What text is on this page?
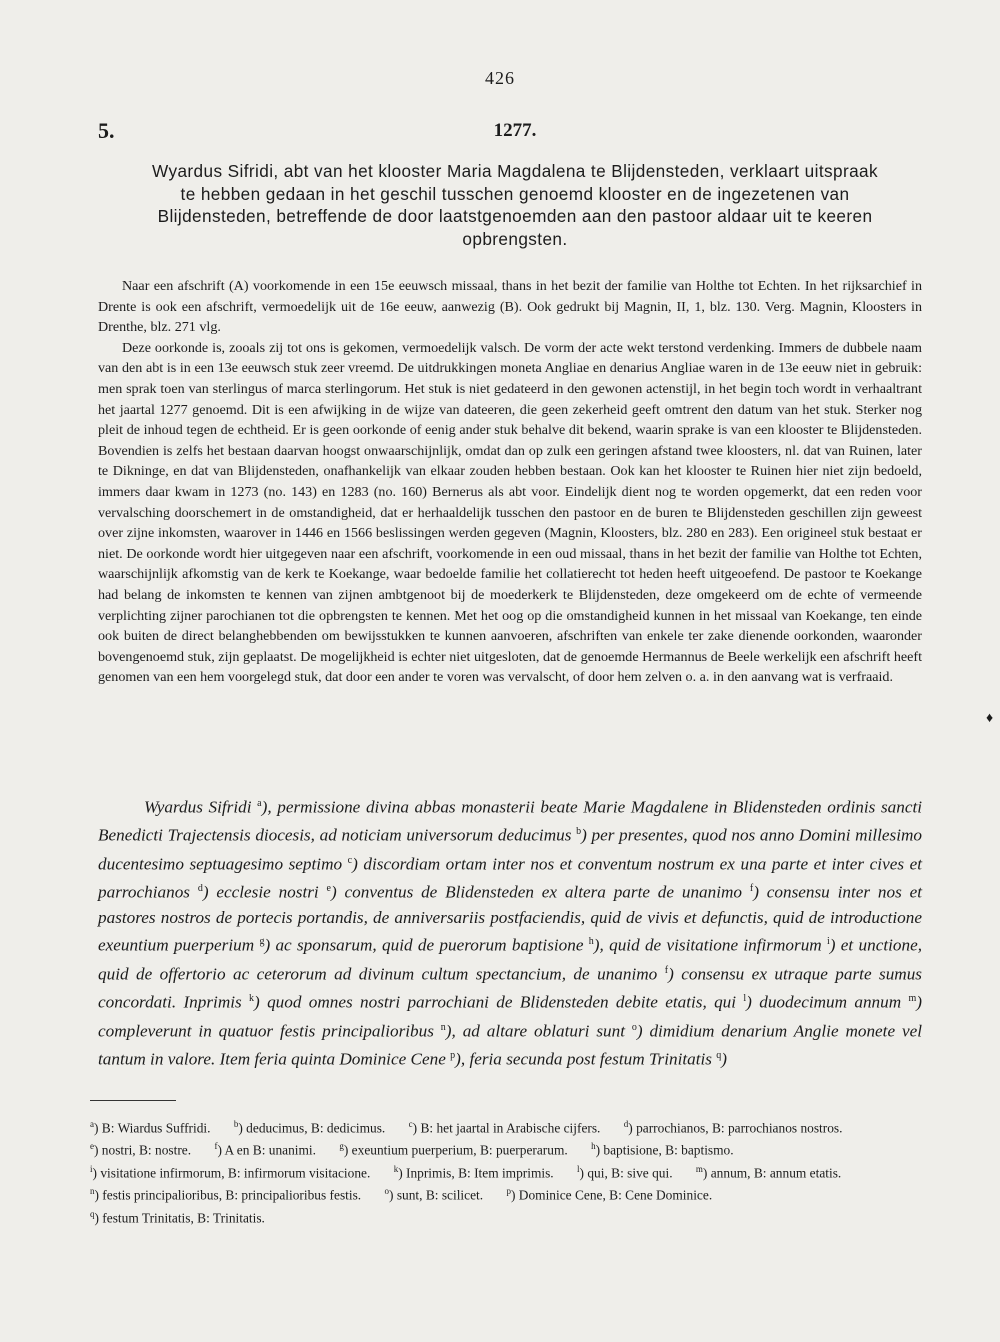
426
5.	1277.
Wyardus Sifridi, abt van het klooster Maria Magdalena te Blijdensteden, verklaart uitspraak te hebben gedaan in het geschil tusschen genoemd klooster en de ingezetenen van Blijdensteden, betreffende de door laatstgenoemden aan den pastoor aldaar uit te keeren opbrengsten.

Naar een afschrift (A) voorkomende in een 15e eeuwsch missaal, thans in het bezit der familie van Holthe tot Echten. In het rijksarchief in Drente is ook een afschrift, vermoedelijk uit de 16e eeuw, aanwezig (B). Ook gedrukt bij Magnin, II, 1, blz. 130. Verg. Magnin, Kloosters in Drenthe, blz. 271 vlg.

Deze oorkonde is, zooals zij tot ons is gekomen, vermoedelijk valsch. De vorm der acte wekt terstond verdenking. Immers de dubbele naam van den abt is in een 13e eeuwsch stuk zeer vreemd. De uitdrukkingen moneta Angliae en denarius Angliae waren in de 13e eeuw niet in gebruik: men sprak toen van sterlingus of marca sterlingorum. Het stuk is niet gedateerd in den gewonen actenstijl, in het begin toch wordt in verhaaltrant het jaartal 1277 genoemd. Dit is een afwijking in de wijze van dateeren, die geen zekerheid geeft omtrent den datum van het stuk. Sterker nog pleit de inhoud tegen de echtheid. Er is geen oorkonde of eenig ander stuk behalve dit bekend, waarin sprake is van een klooster te Blijdensteden. Bovendien is zelfs het bestaan daarvan hoogst onwaarschijnlijk, omdat dan op zulk een geringen afstand twee kloosters, nl. dat van Ruinen, later te Dikninge, en dat van Blijdensteden, onafhankelijk van elkaar zouden hebben bestaan. Ook kan het klooster te Ruinen hier niet zijn bedoeld, immers daar kwam in 1273 (no. 143) en 1283 (no. 160) Bernerus als abt voor. Eindelijk dient nog te worden opgemerkt, dat een reden voor vervalsching doorschemert in de omstandigheid, dat er herhaaldelijk tusschen den pastoor en de buren te Blijdensteden geschillen zijn geweest over zijne inkomsten, waarover in 1446 en 1566 beslissingen werden gegeven (Magnin, Kloosters, blz. 280 en 283). Een origineel stuk bestaat er niet. De oorkonde wordt hier uitgegeven naar een afschrift, voorkomende in een oud missaal, thans in het bezit der familie van Holthe tot Echten, waarschijnlijk afkomstig van de kerk te Koekange, waar bedoelde familie het collatierecht tot heden heeft uitgeoefend. De pastoor te Koekange had belang de inkomsten te kennen van zijnen ambtgenoot bij de moederkerk te Blijdensteden, deze omgekeerd om de echte of vermeende verplichting zijner parochianen tot die opbrengsten te kennen. Met het oog op die omstandigheid kunnen in het missaal van Koekange, ten einde ook buiten de direct belanghebbenden om bewijsstukken te kunnen aanvoeren, afschriften van enkele ter zake dienende oorkonden, waaronder bovengenoemd stuk, zijn geplaatst. De mogelijkheid is echter niet uitgesloten, dat de genoemde Hermannus de Beele werkelijk een afschrift heeft genomen van een hem voorgelegd stuk, dat door een ander te voren was vervalscht, of door hem zelven o. a. in den aanvang wat is verfraaid.

Wyardus Sifridi $^a$), permissione divina abbas monasterii beate Marie Magdalene in Blidensteden ordinis sancti Benedicti Trajectensis diocesis, ad noticiam universorum deducimus $^b$) per presentes, quod nos anno Domini millesimo ducentesimo septuagesimo septimo $^c$) discordiam ortam inter nos et conventum nostrum ex una parte et inter cives et parrochianos $^d$) ecclesie nostri $^e$) conventus de Blidensteden ex altera parte de unanimo $^f$) consensu inter nos et pastores nostros de portecis portandis, de anniversariis postfaciendis, quid de vivis et defunctis, quid de introductione exeuntium puerperium $^g$) ac sponsarum, quid de puerorum baptisione $^h$), quid de visitatione infirmorum $^i$) et unctione, quid de offertorio ac ceterorum ad divinum cultum spectancium, de unanimo $^f$) consensu ex utraque parte sumus concordati. Inprimis $^k$) quod omnes nostri parrochiani de Blidensteden debite etatis, qui $^l$) duodecimum annum $^m$) compleverunt in quatuor festis principalioribus $^n$), ad altare oblaturi sunt $^o$) dimidium denarium Anglie monete vel tantum in valore. Item feria quinta Dominice Cene $^p$), feria secunda post festum Trinitatis $^q$)
$^a$) B: Wiardus Suffridi.	$^b$) deducimus, B: dedicimus.	$^c$) B: het jaartal in Arabische cijfers.	$^d$) parrochianos, B: parrochianos nostros. $^e$) nostri, B: nostre.	$^f$) A en B: unanimi.	$^g$) exeuntium puerperium, B: puerperarum.	$^h$) baptisione, B: baptismo. $^i$) visitatione infirmorum, B: infirmorum visitacione.	$^k$) Inprimis, B: Item imprimis.	$^l$) qui, B: sive qui.	$^m$) annum, B: annum etatis. $^n$) festis principalioribus, B: principalioribus festis.	$^o$) sunt, B: scilicet.	$^p$) Dominice Cene, B: Cene Dominice. $^q$) festum Trinitatis, B: Trinitatis.
♦
